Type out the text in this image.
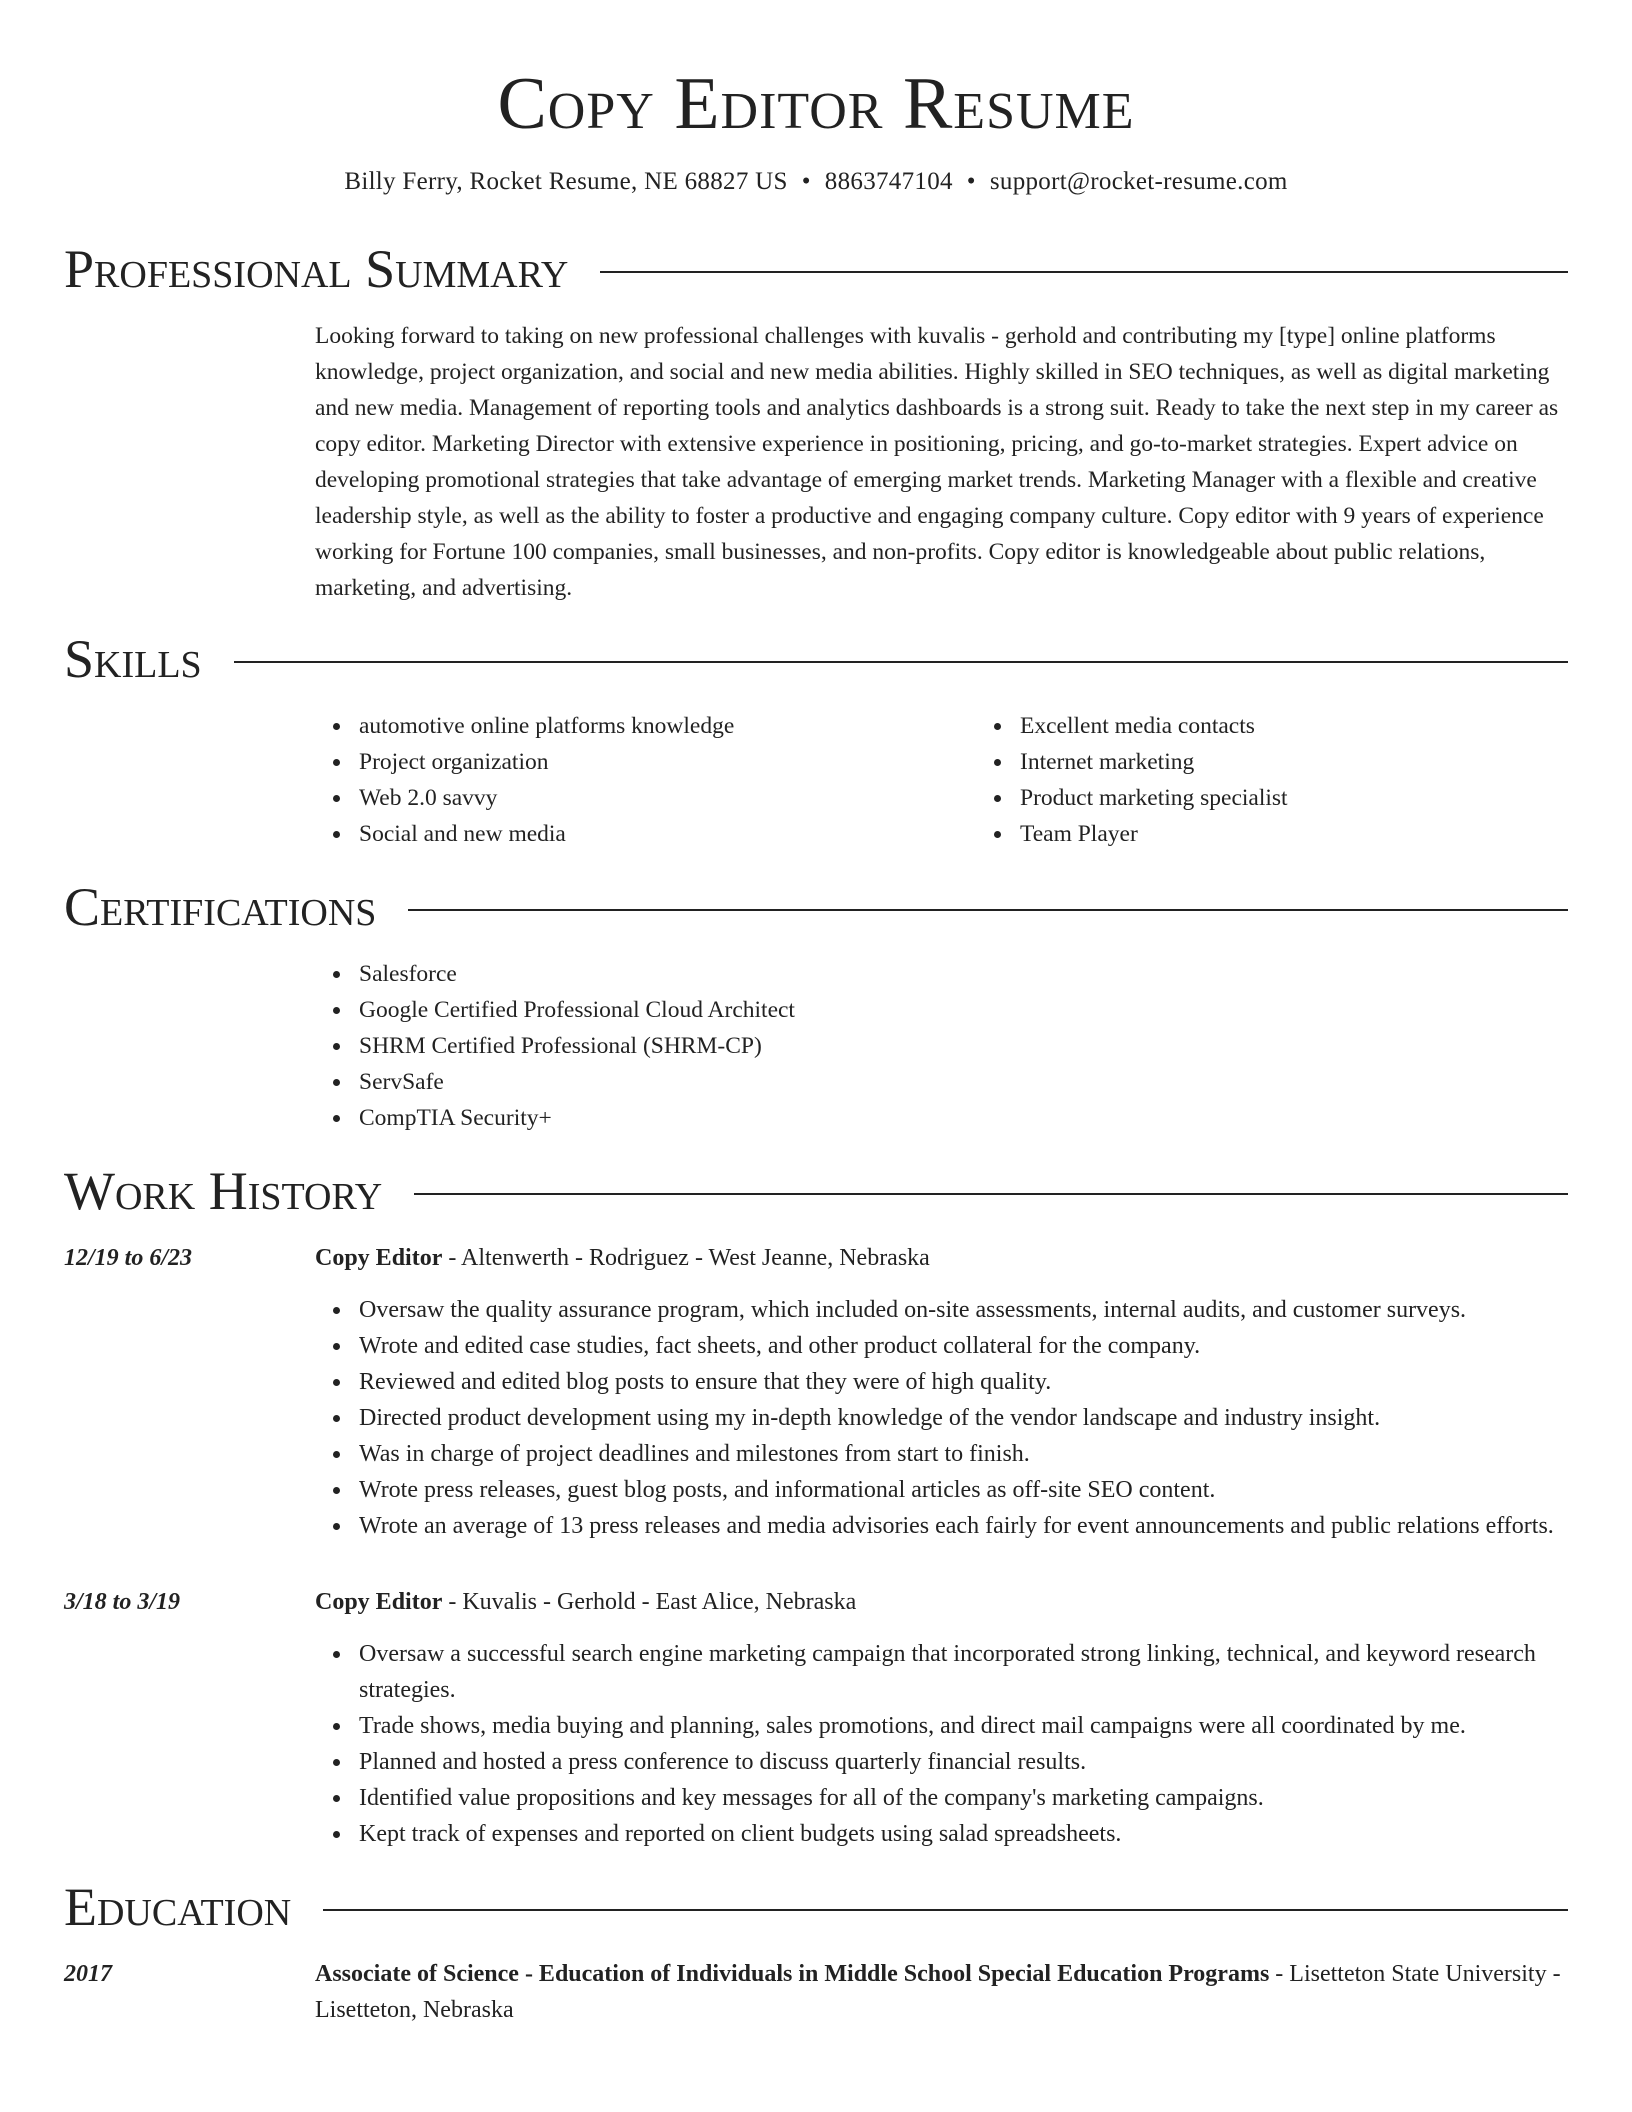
Copy Editor Resume
Billy Ferry, Rocket Resume, NE 68827 US • 8863747104 • support@rocket-resume.com
Professional Summary

Looking forward to taking on new professional challenges with kuvalis - gerhold and contributing my [type] online platforms knowledge, project organization, and social and new media abilities. Highly skilled in SEO techniques, as well as digital marketing and new media. Management of reporting tools and analytics dashboards is a strong suit. Ready to take the next step in my career as copy editor. Marketing Director with extensive experience in positioning, pricing, and go-to-market strategies. Expert advice on developing promotional strategies that take advantage of emerging market trends. Marketing Manager with a flexible and creative leadership style, as well as the ability to foster a productive and engaging company culture. Copy editor with 9 years of experience working for Fortune 100 companies, small businesses, and non-profits. Copy editor is knowledgeable about public relations, marketing, and advertising.

Skills
automotive online platforms knowledge
Project organization
Web 2.0 savvy
Social and new media
Excellent media contacts
Internet marketing
Product marketing specialist
Team Player
Certifications
Salesforce
Google Certified Professional Cloud Architect
SHRM Certified Professional (SHRM-CP)
ServSafe
CompTIA Security+
Work History
12/19 to 6/23	Copy Editor - Altenwerth - Rodriguez - West Jeanne, Nebraska
Oversaw the quality assurance program, which included on-site assessments, internal audits, and customer surveys.
Wrote and edited case studies, fact sheets, and other product collateral for the company.
Reviewed and edited blog posts to ensure that they were of high quality.
Directed product development using my in-depth knowledge of the vendor landscape and industry insight.
Was in charge of project deadlines and milestones from start to finish.
Wrote press releases, guest blog posts, and informational articles as off-site SEO content.
Wrote an average of 13 press releases and media advisories each fairly for event announcements and public relations efforts.
3/18 to 3/19	Copy Editor - Kuvalis - Gerhold - East Alice, Nebraska
Oversaw a successful search engine marketing campaign that incorporated strong linking, technical, and keyword research strategies.
Trade shows, media buying and planning, sales promotions, and direct mail campaigns were all coordinated by me.
Planned and hosted a press conference to discuss quarterly financial results.
Identified value propositions and key messages for all of the company's marketing campaigns.
Kept track of expenses and reported on client budgets using salad spreadsheets.
Education
2017	Associate of Science - Education of Individuals in Middle School Special Education Programs - Lisetteton State University - Lisetteton, Nebraska
